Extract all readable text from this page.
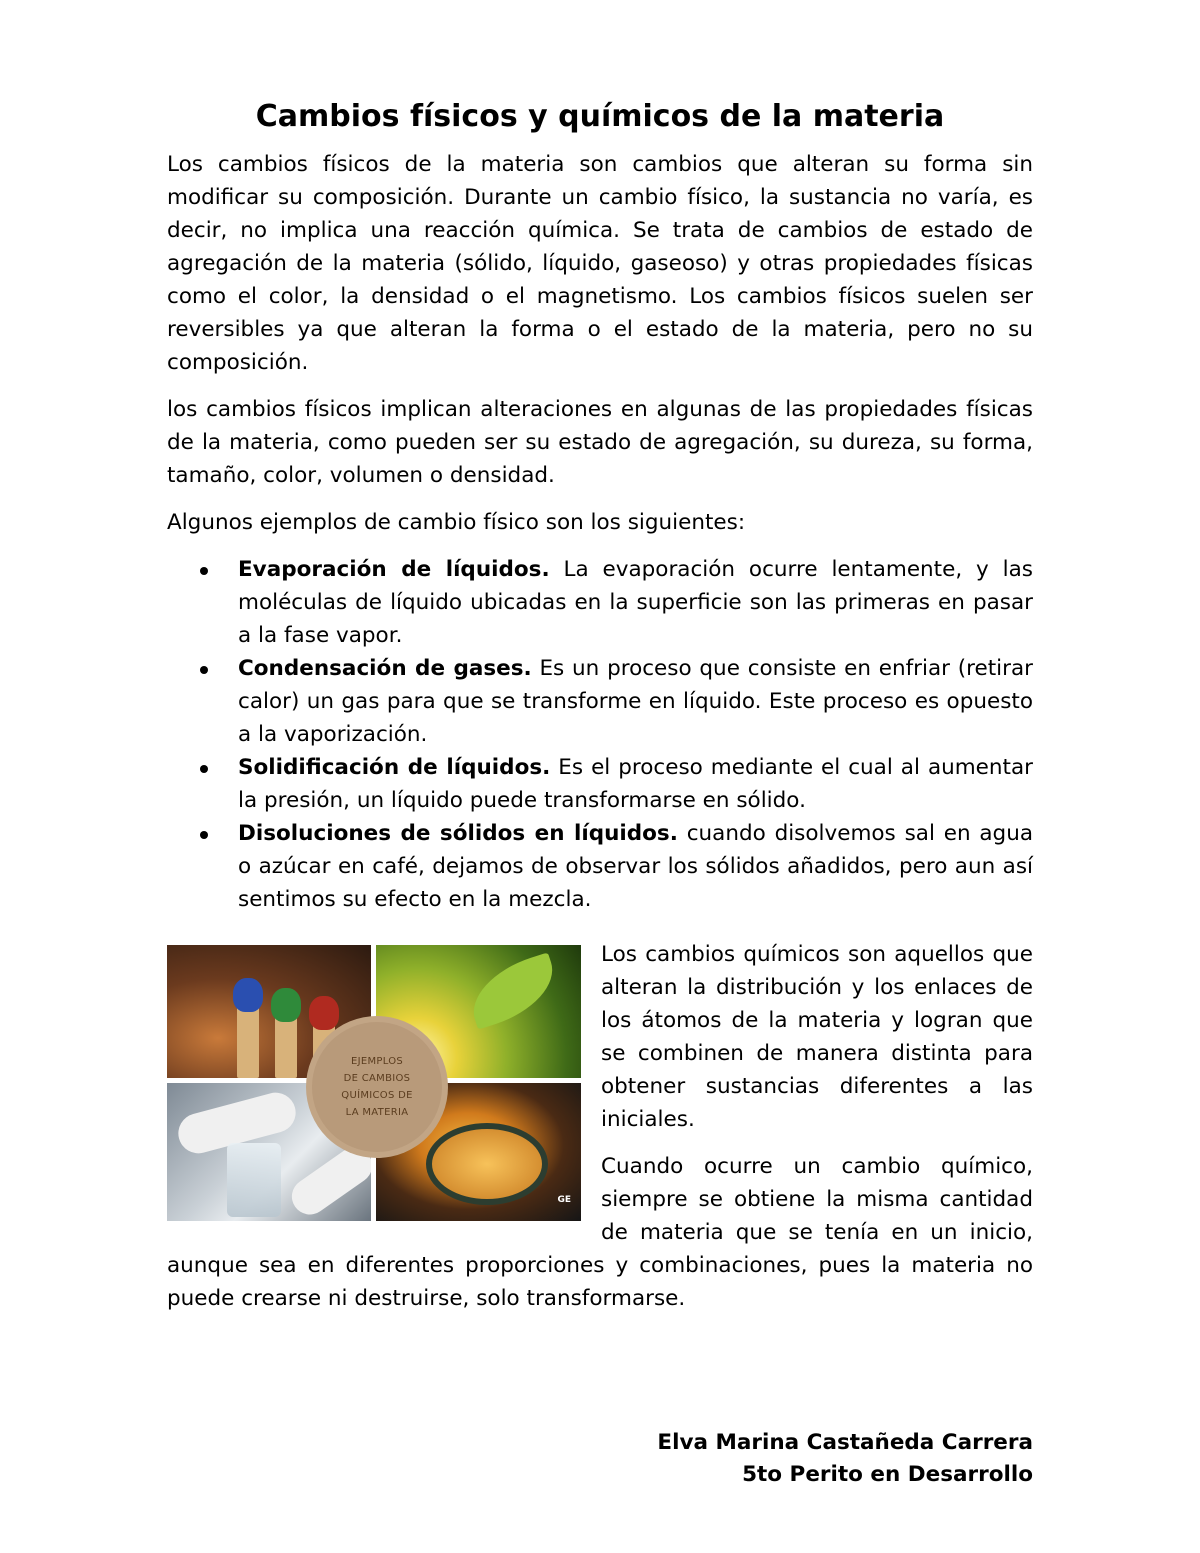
Cambios físicos y químicos de la materia

Los cambios físicos de la materia son cambios que alteran su forma sin modificar su composición. Durante un cambio físico, la sustancia no varía, es decir, no implica una reacción química. Se trata de cambios de estado de agregación de la materia (sólido, líquido, gaseoso) y otras propiedades físicas como el color, la densidad o el magnetismo. Los cambios físicos suelen ser reversibles ya que alteran la forma o el estado de la materia, pero no su composición.

los cambios físicos implican alteraciones en algunas de las propiedades físicas de la materia, como pueden ser su estado de agregación, su dureza, su forma, tamaño, color, volumen o densidad.

Algunos ejemplos de cambio físico son los siguientes:

Evaporación de líquidos. La evaporación ocurre lentamente, y las moléculas de líquido ubicadas en la superficie son las primeras en pasar a la fase vapor.
Condensación de gases. Es un proceso que consiste en enfriar (retirar calor) un gas para que se transforme en líquido. Este proceso es opuesto a la vaporización.
Solidificación de líquidos. Es el proceso mediante el cual al aumentar la presión, un líquido puede transformarse en sólido.
Disoluciones de sólidos en líquidos. cuando disolvemos sal en agua o azúcar en café, dejamos de observar los sólidos añadidos, pero aun así sentimos su efecto en la mezcla.
GE
EJEMPLOS
DE CAMBIOS
QUÍMICOS DE
LA MATERIA

Los cambios químicos son aquellos que alteran la distribución y los enlaces de los átomos de la materia y logran que se combinen de manera distinta para obtener sustancias diferentes a las iniciales.

Cuando ocurre un cambio químico, siempre se obtiene la misma cantidad de materia que se tenía en un inicio, aunque sea en diferentes proporciones y combinaciones, pues la materia no puede crearse ni destruirse, solo transformarse.

Elva Marina Castañeda Carrera
5to Perito en Desarrollo
